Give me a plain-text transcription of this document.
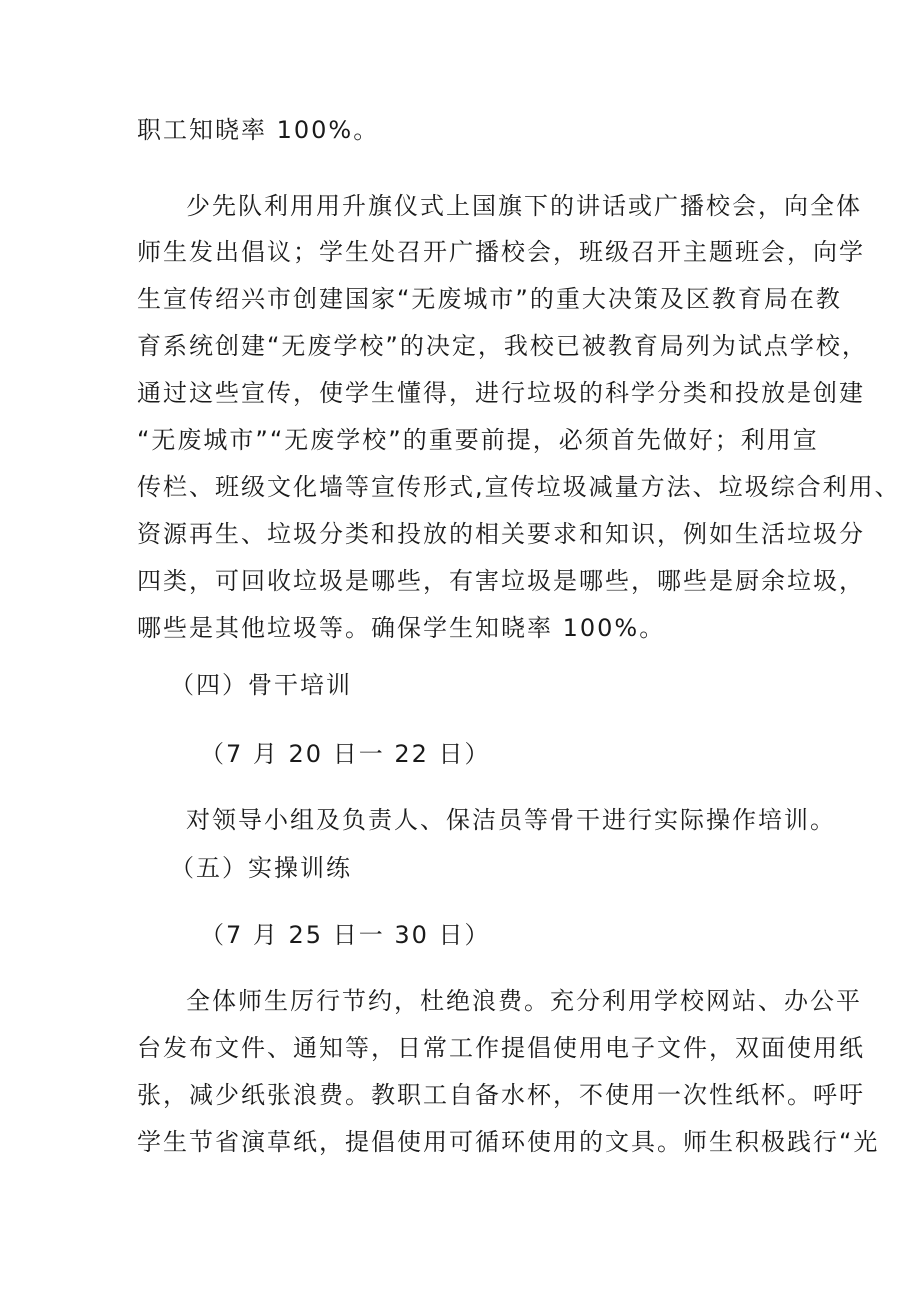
职工知晓率 100%。
少先队利用用升旗仪式上国旗下的讲话或广播校会，向全体
师生发出倡议；学生处召开广播校会，班级召开主题班会，向学
生宣传绍兴市创建国家“无废城市”的重大决策及区教育局在教
育系统创建“无废学校”的决定，我校已被教育局列为试点学校，
通过这些宣传，使学生懂得，进行垃圾的科学分类和投放是创建
“无废城市”“无废学校”的重要前提，必须首先做好；利用宣
传栏、班级文化墙等宣传形式,宣传垃圾减量方法、垃圾综合利用、
资源再生、垃圾分类和投放的相关要求和知识，例如生活垃圾分
四类，可回收垃圾是哪些，有害垃圾是哪些，哪些是厨余垃圾，
哪些是其他垃圾等。确保学生知晓率 100%。
（四）骨干培训
（7 月 20 日一 22 日）
对领导小组及负责人、保洁员等骨干进行实际操作培训。
（五）实操训练
（7 月 25 日一 30 日）
全体师生厉行节约，杜绝浪费。充分利用学校网站、办公平
台发布文件、通知等，日常工作提倡使用电子文件，双面使用纸
张，减少纸张浪费。教职工自备水杯，不使用一次性纸杯。呼吁
学生节省演草纸，提倡使用可循环使用的文具。师生积极践行“光
